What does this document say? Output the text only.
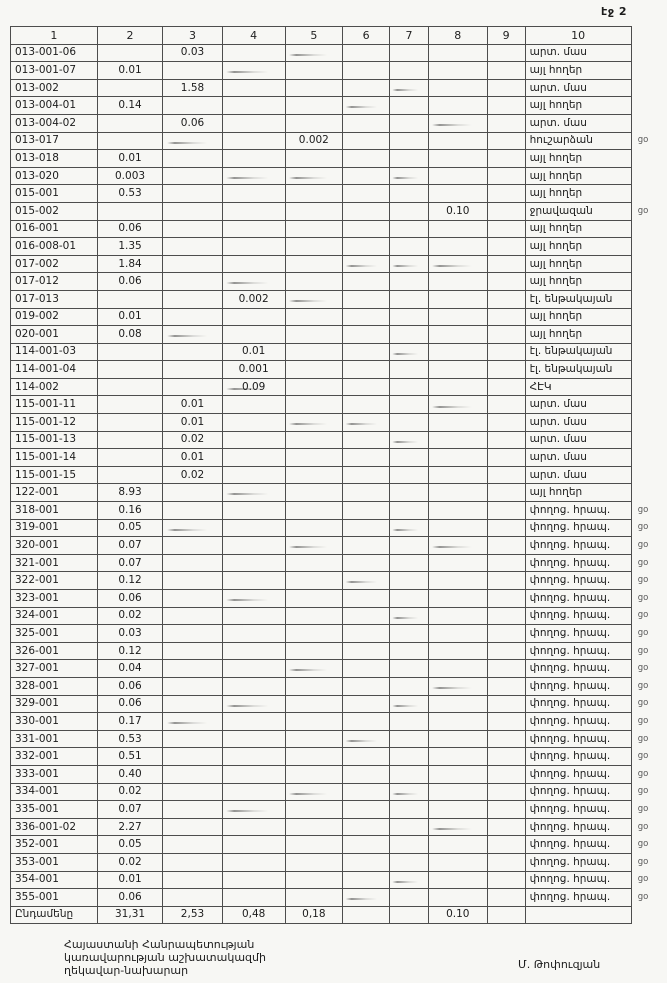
էջ 2
1	2	3	4	5	6	7	8	9	10	
013-001-06		0.03							արտ. մաս	
013-001-07	0.01								այլ հողեր	
013-002		1.58							արտ. մաս	
013-004-01	0.14								այլ հողեր	
013-004-02		0.06							արտ. մաս	
013-017				0.002					հուշարձան	ցօ
013-018	0.01								այլ հողեր	
013-020	0.003								այլ հողեր	
015-001	0.53								այլ հողեր	
015-002							0.10		ջրավազան	ցօ
016-001	0.06								այլ հողեր	
016-008-01	1.35								այլ հողեր	
017-002	1.84								այլ հողեր	
017-012	0.06								այլ հողեր	
017-013			0.002						էլ. ենթակայան	
019-002	0.01								այլ հողեր	
020-001	0.08								այլ հողեր	
114-001-03			0.01						էլ. ենթակայան	
114-001-04			0.001						էլ. ենթակայան	
114-002			0.09						ՀԷԿ	
115-001-11		0.01							արտ. մաս	
115-001-12		0.01							արտ. մաս	
115-001-13		0.02							արտ. մաս	
115-001-14		0.01							արտ. մաս	
115-001-15		0.02							արտ. մաս	
122-001	8.93								այլ հողեր	
318-001	0.16								փողոց. հրապ.	ցօ
319-001	0.05								փողոց. հրապ.	ցօ
320-001	0.07								փողոց. հրապ.	ցօ
321-001	0.07								փողոց. հրապ.	ցօ
322-001	0.12								փողոց. հրապ.	ցօ
323-001	0.06								փողոց. հրապ.	ցօ
324-001	0.02								փողոց. հրապ.	ցօ
325-001	0.03								փողոց. հրապ.	ցօ
326-001	0.12								փողոց. հրապ.	ցօ
327-001	0.04								փողոց. հրապ.	ցօ
328-001	0.06								փողոց. հրապ.	ցօ
329-001	0.06								փողոց. հրապ.	ցօ
330-001	0.17								փողոց. հրապ.	ցօ
331-001	0.53								փողոց. հրապ.	ցօ
332-001	0.51								փողոց. հրապ.	ցօ
333-001	0.40								փողոց. հրապ.	ցօ
334-001	0.02								փողոց. հրապ.	ցօ
335-001	0.07								փողոց. հրապ.	ցօ
336-001-02	2.27								փողոց. հրապ.	ցօ
352-001	0.05								փողոց. հրապ.	ցօ
353-001	0.02								փողոց. հրապ.	ցօ
354-001	0.01								փողոց. հրապ.	ցօ
355-001	0.06								փողոց. հրապ.	ցօ
Ընդամենը	31,31	2,53	0,48	0,18			0.10			
Հայաստանի Հանրապետության
կառավարության աշխատակազմի
ղեկավար-նախարար	Մ. Թոփուզյան
